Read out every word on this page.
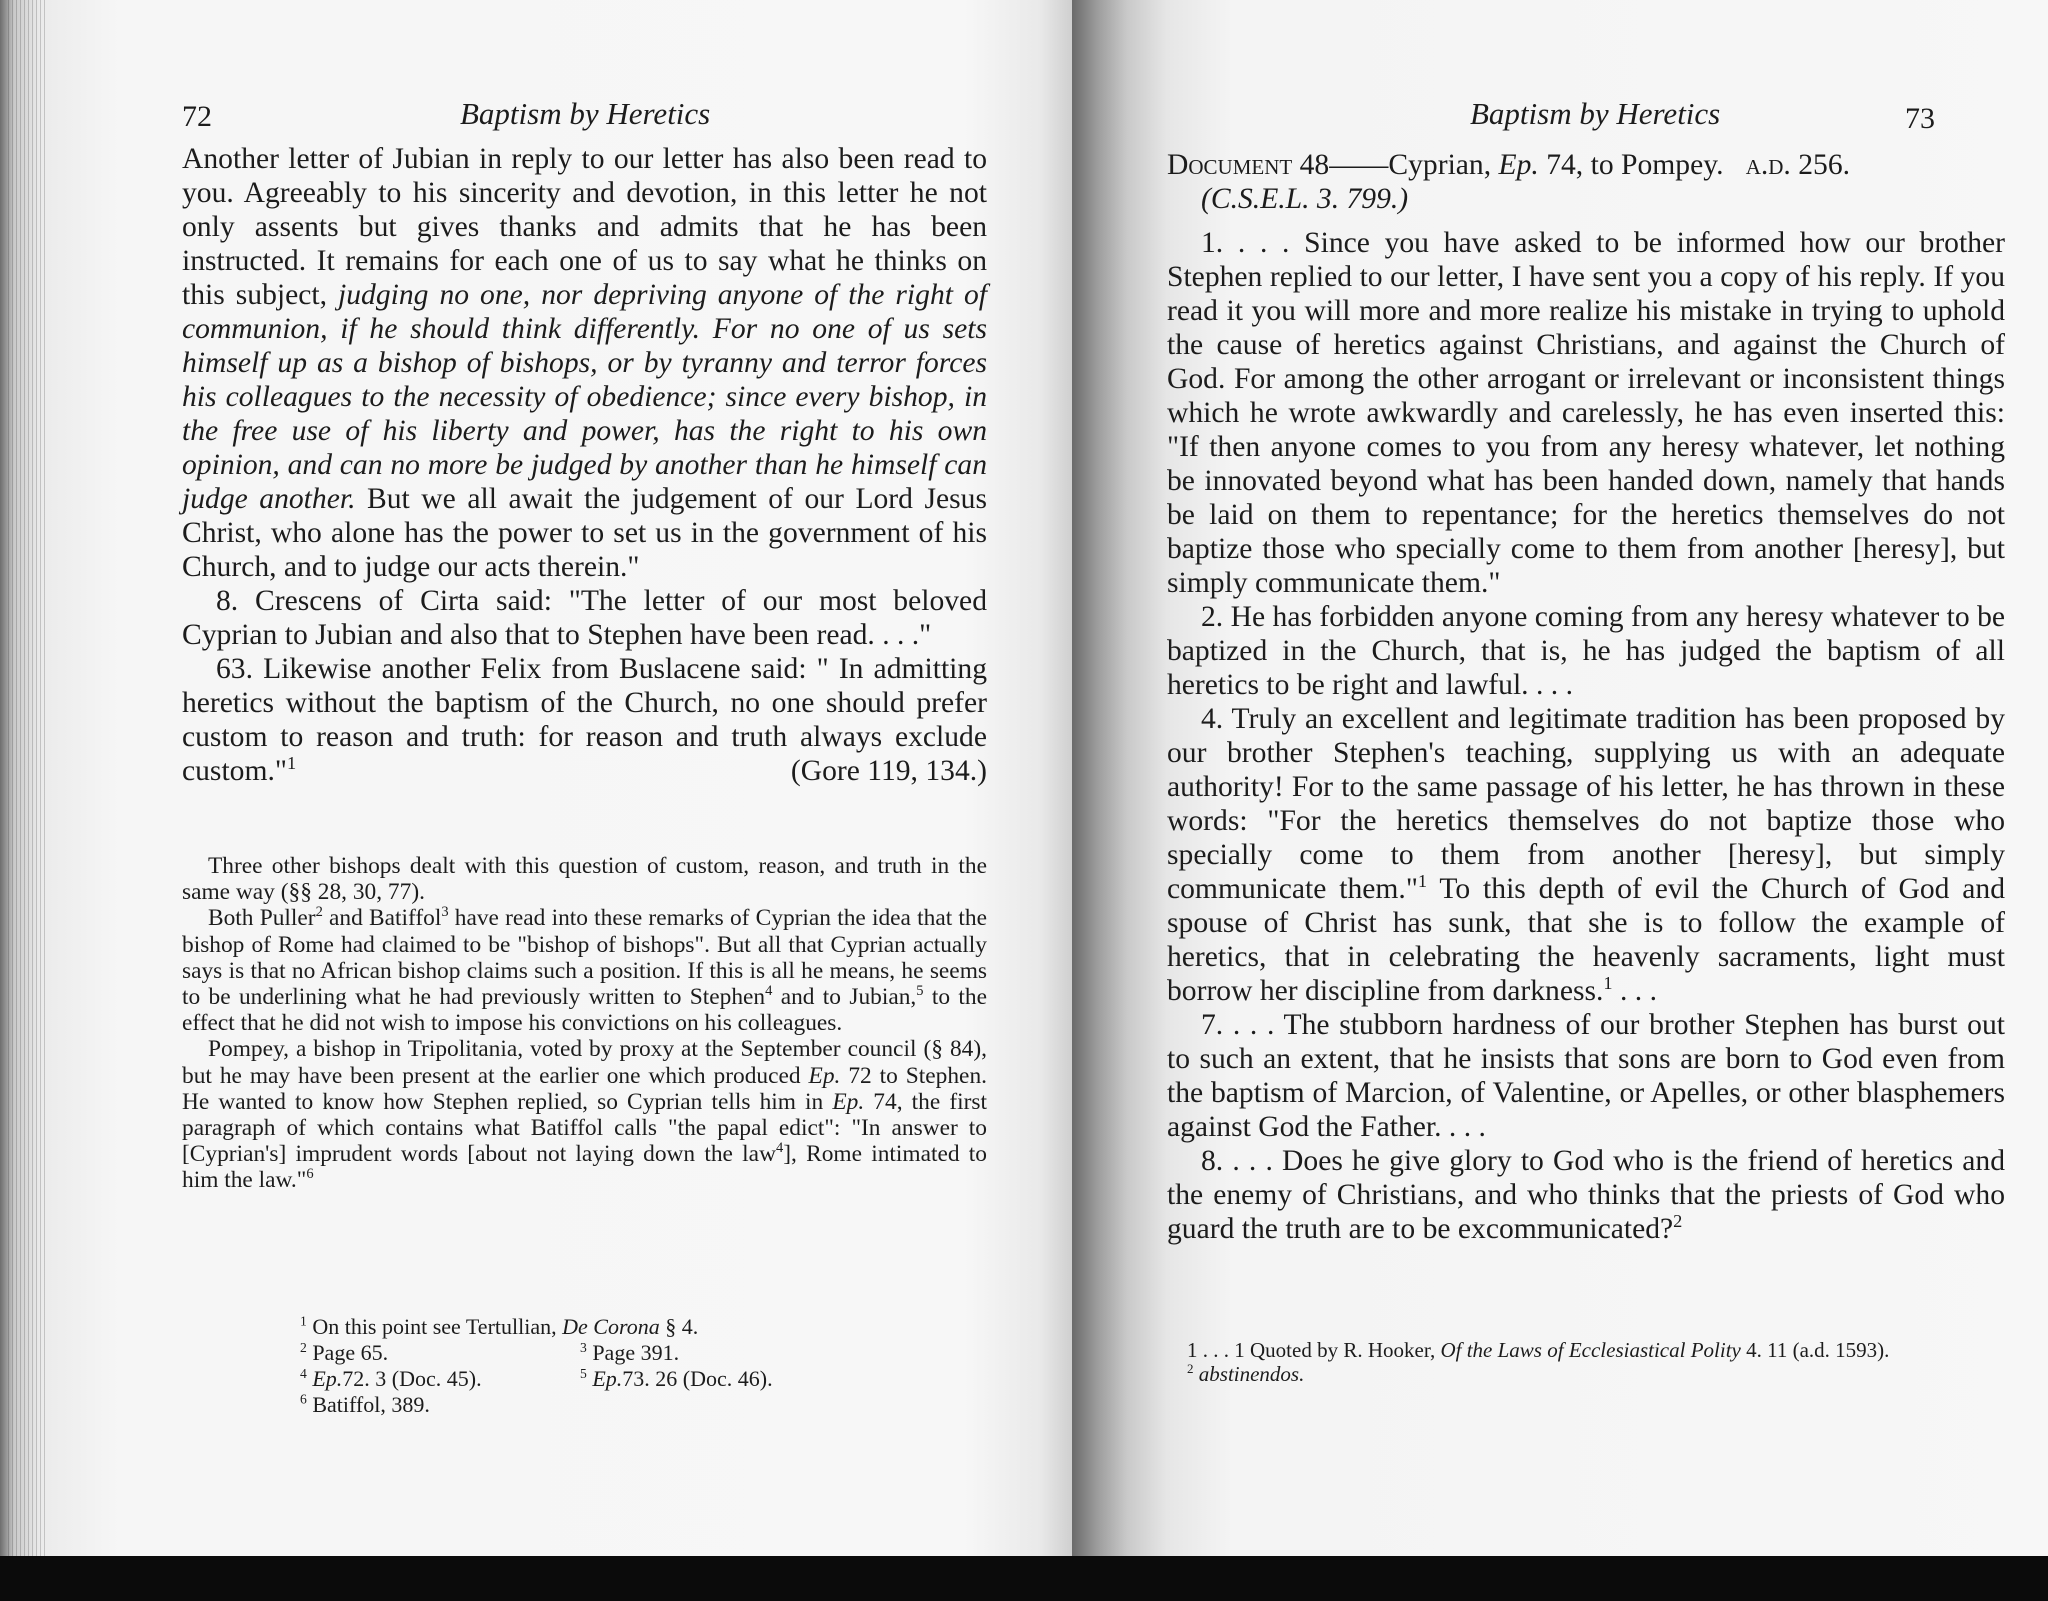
72	Baptism by Heretics

Another letter of Jubian in reply to our letter has also been read to you. Agreeably to his sincerity and devotion, in this letter he not only assents but gives thanks and admits that he has been instructed. It remains for each one of us to say what he thinks on this subject, judging no one, nor depriving anyone of the right of communion, if he should think differently. For no one of us sets himself up as a bishop of bishops, or by tyranny and terror forces his colleagues to the necessity of obedience; since every bishop, in the free use of his liberty and power, has the right to his own opinion, and can no more be judged by another than he himself can judge another. But we all await the judgement of our Lord Jesus Christ, who alone has the power to set us in the government of his Church, and to judge our acts therein."

8. Crescens of Cirta said: "The letter of our most beloved Cyprian to Jubian and also that to Stephen have been read. . . ."

63. Likewise another Felix from Buslacene said: " In admitting heretics without the baptism of the Church, no one should prefer custom to reason and truth: for reason and truth always exclude custom."$^1$	(Gore 119, 134.)

Three other bishops dealt with this question of custom, reason, and truth in the same way (§§ 28, 30, 77).

Both Puller$^2$ and Batiffol$^3$ have read into these remarks of Cyprian the idea that the bishop of Rome had claimed to be "bishop of bishops". But all that Cyprian actually says is that no African bishop claims such a position. If this is all he means, he seems to be underlining what he had previously written to Stephen$^4$ and to Jubian,$^5$ to the effect that he did not wish to impose his convictions on his colleagues.

Pompey, a bishop in Tripolitania, voted by proxy at the September council (§ 84), but he may have been present at the earlier one which produced Ep. 72 to Stephen. He wanted to know how Stephen replied, so Cyprian tells him in Ep. 74, the first paragraph of which contains what Batiffol calls "the papal edict": "In answer to [Cyprian's] imprudent words [about not laying down the law$^4$], Rome intimated to him the law."$^6$

$^1$ On this point see Tertullian, De Corona § 4.
2 Page 65.	3 Page 391.
4 Ep.72. 3 (Doc. 45).	5 Ep.73. 26 (Doc. 46).
$^6$ Batiffol, 389.
Baptism by Heretics	73
Document 48——Cyprian, Ep. 74, to Pompey. a.d. 256.
(C.S.E.L. 3. 799.)

1. . . . Since you have asked to be informed how our brother Stephen replied to our letter, I have sent you a copy of his reply. If you read it you will more and more realize his mistake in trying to uphold the cause of heretics against Christians, and against the Church of God. For among the other arrogant or irrelevant or inconsistent things which he wrote awkwardly and carelessly, he has even inserted this: "If then anyone comes to you from any heresy whatever, let nothing be innovated beyond what has been handed down, namely that hands be laid on them to repentance; for the heretics themselves do not baptize those who specially come to them from another [heresy], but simply communicate them."

2. He has forbidden anyone coming from any heresy whatever to be baptized in the Church, that is, he has judged the baptism of all heretics to be right and lawful. . . .

4. Truly an excellent and legitimate tradition has been proposed by our brother Stephen's teaching, supplying us with an adequate authority! For to the same passage of his letter, he has thrown in these words: "For the heretics themselves do not baptize those who specially come to them from another [heresy], but simply communicate them."$^1$ To this depth of evil the Church of God and spouse of Christ has sunk, that she is to follow the example of heretics, that in celebrating the heavenly sacraments, light must borrow her discipline from darkness.$^1$ . . .

7. . . . The stubborn hardness of our brother Stephen has burst out to such an extent, that he insists that sons are born to God even from the baptism of Marcion, of Valentine, or Apelles, or other blasphemers against God the Father. . . .

8. . . . Does he give glory to God who is the friend of heretics and the enemy of Christians, and who thinks that the priests of God who guard the truth are to be excommunicated?$^2$

1 . . . 1 Quoted by R. Hooker, Of the Laws of Ecclesiastical Polity 4. 11 (a.d. 1593).

$^2$ abstinendos.
